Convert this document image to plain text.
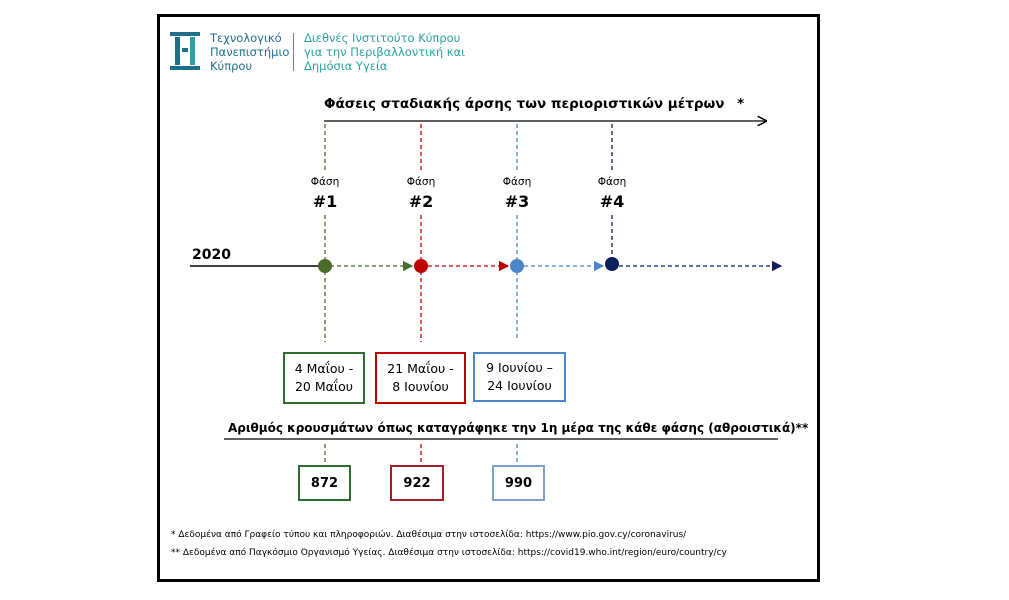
Τεχνολογικό
Πανεπιστήμιο
Κύπρου
Διεθνές Ινστιτούτο Κύπρου
για την Περιβαλλοντική και
Δημόσια Υγεία
Φάσεις σταδιακής άρσης των περιοριστικών μέτρων *
Φάση
#1
Φάση
#2
Φάση
#3
Φάση
#4
2020
4 Μαΐου -
20 Μαΐου
21 Μαΐου -
8 Ιουνίου
9 Ιουνίου –
24 Ιουνίου
Αριθμός κρουσμάτων όπως καταγράφηκε την 1η μέρα της κάθε φάσης (αθροιστικά)**
872	922	990
* Δεδομένα από Γραφείο τύπου και πληροφοριών. Διαθέσιμα στην ιστοσελίδα: https://www.pio.gov.cy/coronavirus/
** Δεδομένα από Παγκόσμιο Οργανισμό Υγείας. Διαθέσιμα στην ιστοσελίδα: https://covid19.who.int/region/euro/country/cy
